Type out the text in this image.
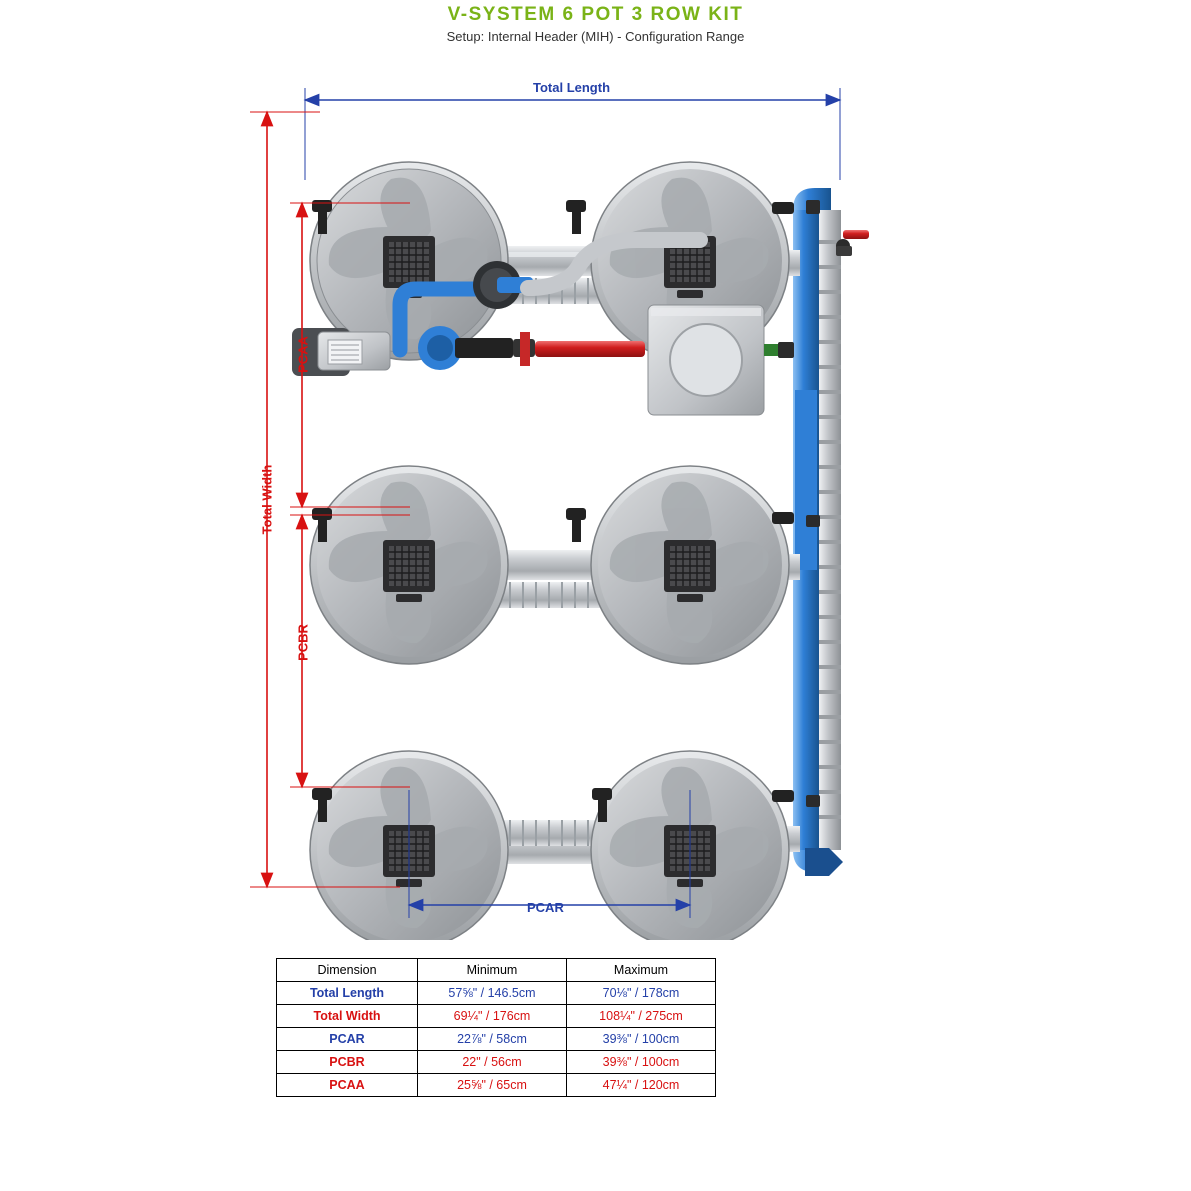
V-SYSTEM 6 POT 3 ROW KIT
Setup: Internal Header (MIH) - Configuration Range
Total Length
Total Width
PCAA
PCBR
PCAR
Dimension	Minimum	Maximum
Total Length	57⅝" / 146.5cm	70⅛" / 178cm
Total Width	69¼" / 176cm	108¼" / 275cm
PCAR	22⅞" / 58cm	39⅜" / 100cm
PCBR	22" / 56cm	39⅜" / 100cm
PCAA	25⅝" / 65cm	47¼" / 120cm
